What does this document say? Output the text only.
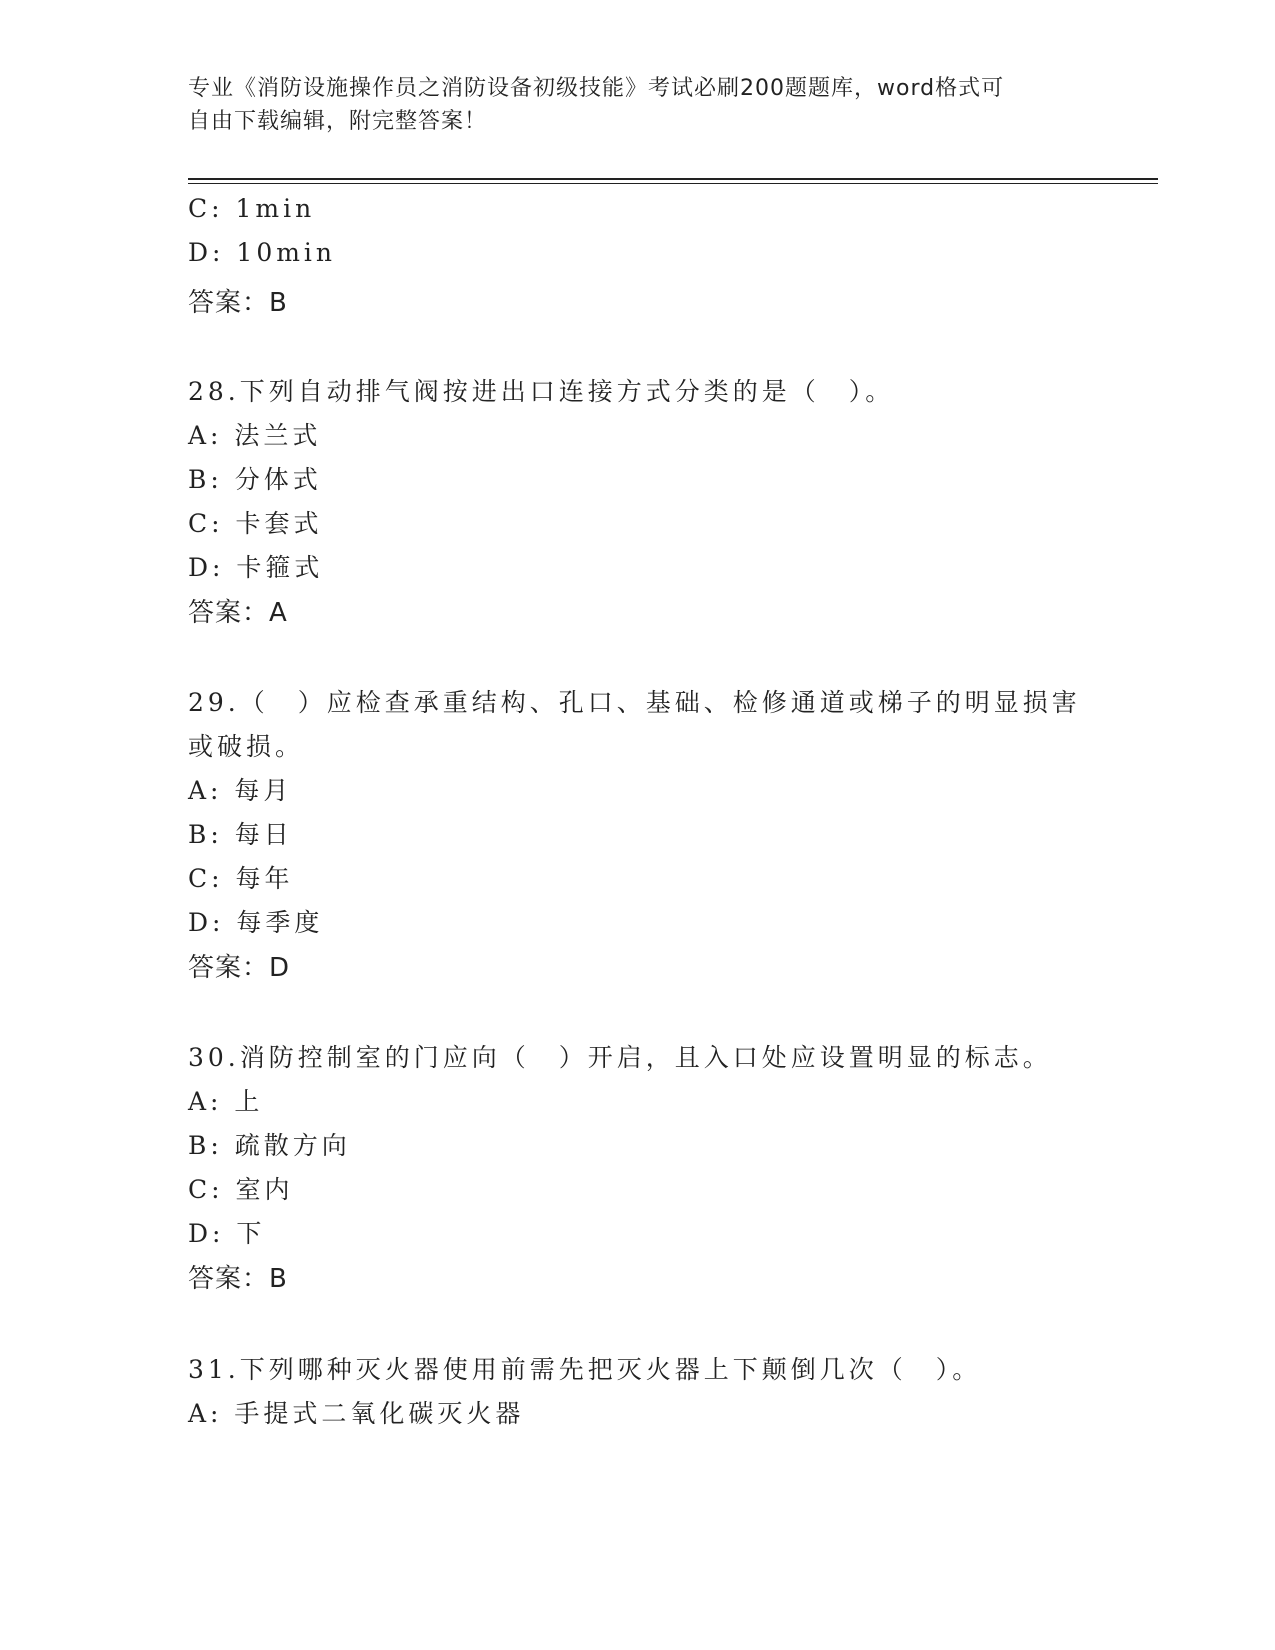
专业《消防设施操作员之消防设备初级技能》考试必刷200题题库，word格式可
自由下载编辑，附完整答案！
C: 1min
D: 10min
答案：B
28.下列自动排气阀按进出口连接方式分类的是（　）。
A: 法兰式
B: 分体式
C: 卡套式
D: 卡箍式
答案：A
29.（　）应检查承重结构、孔口、基础、检修通道或梯子的明显损害
或破损。
A: 每月
B: 每日
C: 每年
D: 每季度
答案：D
30.消防控制室的门应向（　）开启，且入口处应设置明显的标志。
A: 上
B: 疏散方向
C: 室内
D: 下
答案：B
31.下列哪种灭火器使用前需先把灭火器上下颠倒几次（　）。
A: 手提式二氧化碳灭火器
